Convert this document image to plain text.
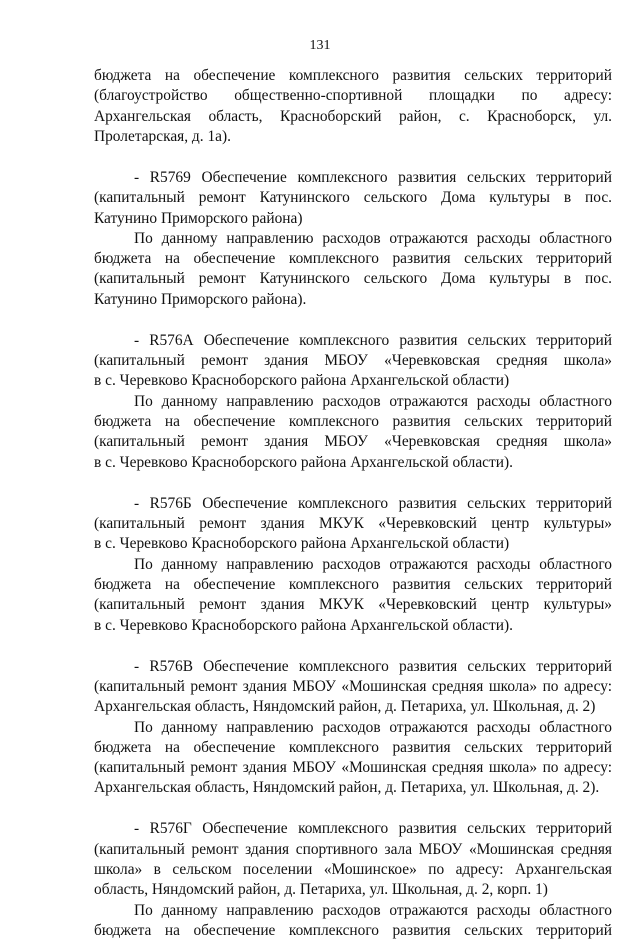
131
бюджета на обеспечение комплексного развития сельских территорий
(благоустройство общественно-спортивной площадки по адресу:
Архангельская область, Красноборский район, с. Красноборск, ул.
Пролетарская, д. 1а).
- R5769 Обеспечение комплексного развития сельских территорий
(капитальный ремонт Катунинского сельского Дома культуры в пос.
Катунино Приморского района)
По данному направлению расходов отражаются расходы областного
бюджета на обеспечение комплексного развития сельских территорий
(капитальный ремонт Катунинского сельского Дома культуры в пос.
Катунино Приморского района).
- R576А Обеспечение комплексного развития сельских территорий
(капитальный ремонт здания МБОУ «Черевковская средняя школа»
в с. Черевково Красноборского района Архангельской области)
По данному направлению расходов отражаются расходы областного
бюджета на обеспечение комплексного развития сельских территорий
(капитальный ремонт здания МБОУ «Черевковская средняя школа»
в с. Черевково Красноборского района Архангельской области).
- R576Б Обеспечение комплексного развития сельских территорий
(капитальный ремонт здания МКУК «Черевковский центр культуры»
в с. Черевково Красноборского района Архангельской области)
По данному направлению расходов отражаются расходы областного
бюджета на обеспечение комплексного развития сельских территорий
(капитальный ремонт здания МКУК «Черевковский центр культуры»
в с. Черевково Красноборского района Архангельской области).
- R576В Обеспечение комплексного развития сельских территорий
(капитальный ремонт здания МБОУ «Мошинская средняя школа» по адресу:
Архангельская область, Няндомский район, д. Петариха, ул. Школьная, д. 2)
По данному направлению расходов отражаются расходы областного
бюджета на обеспечение комплексного развития сельских территорий
(капитальный ремонт здания МБОУ «Мошинская средняя школа» по адресу:
Архангельская область, Няндомский район, д. Петариха, ул. Школьная, д. 2).
- R576Г Обеспечение комплексного развития сельских территорий
(капитальный ремонт здания спортивного зала МБОУ «Мошинская средняя
школа» в сельском поселении «Мошинское» по адресу: Архангельская
область, Няндомский район, д. Петариха, ул. Школьная, д. 2, корп. 1)
По данному направлению расходов отражаются расходы областного
бюджета на обеспечение комплексного развития сельских территорий
